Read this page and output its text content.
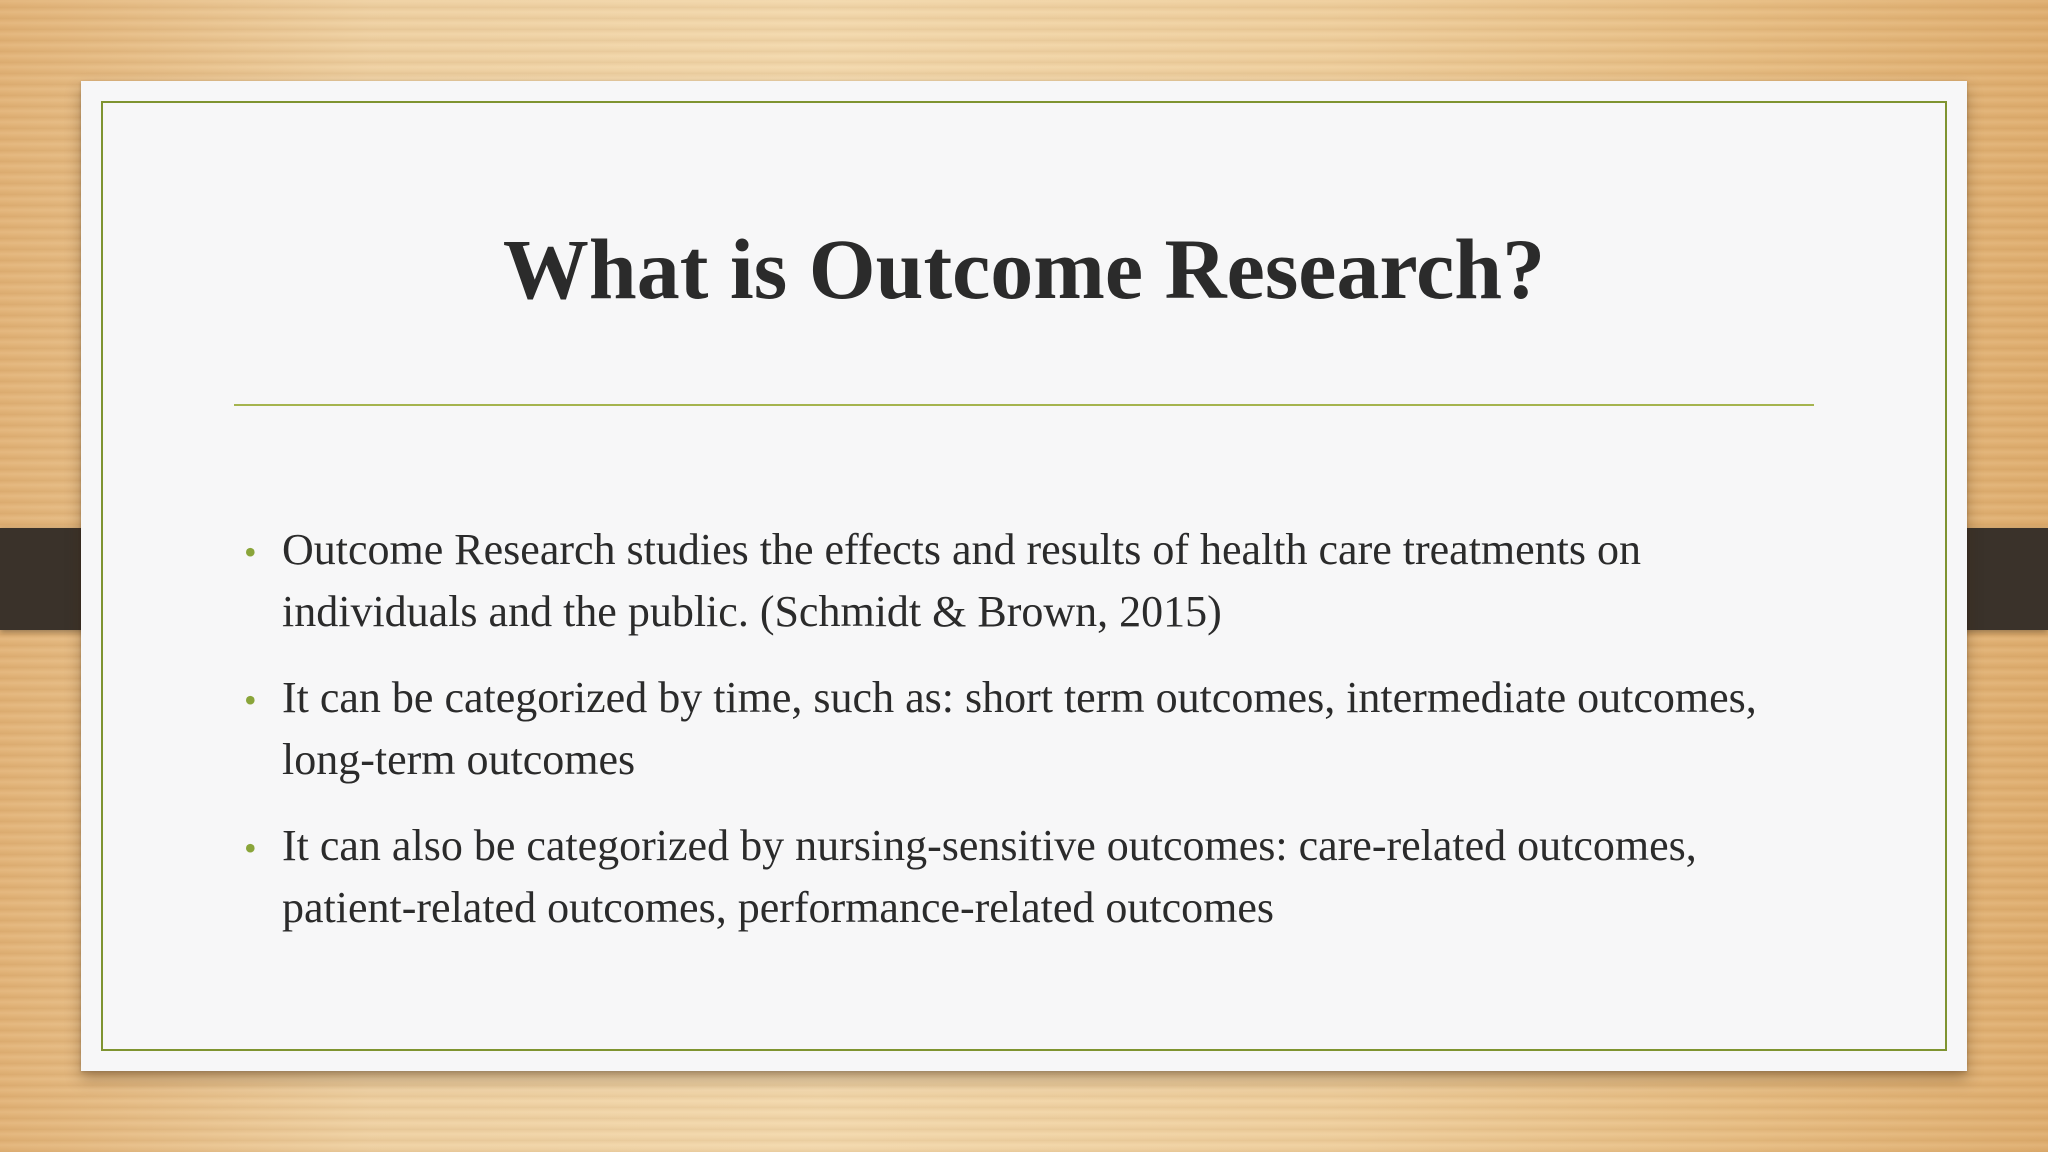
What is Outcome Research?
• Outcome Research studies the effects and results of health care treatments on individuals and the public. (Schmidt & Brown, 2015)
• It can be categorized by time, such as: short term outcomes, intermediate outcomes, long-term outcomes
• It can also be categorized by nursing-sensitive outcomes: care-related outcomes, patient-related outcomes, performance-related outcomes
